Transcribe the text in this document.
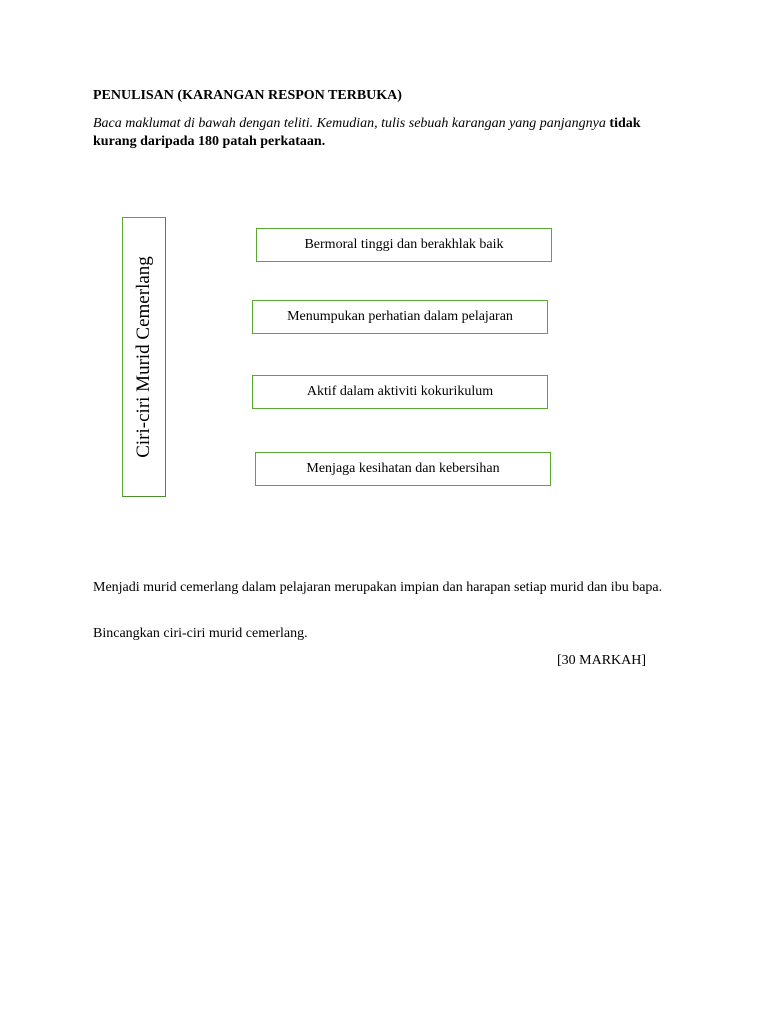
PENULISAN (KARANGAN RESPON TERBUKA)
Baca maklumat di bawah dengan teliti. Kemudian, tulis sebuah karangan yang panjangnya tidak kurang daripada 180 patah perkataan.
Ciri-ciri Murid Cemerlang
Bermoral tinggi dan berakhlak baik
Menumpukan perhatian dalam pelajaran
Aktif dalam aktiviti kokurikulum
Menjaga kesihatan dan kebersihan
Menjadi murid cemerlang dalam pelajaran merupakan impian dan harapan setiap murid dan ibu bapa.
Bincangkan ciri-ciri murid cemerlang.
[30 MARKAH]
